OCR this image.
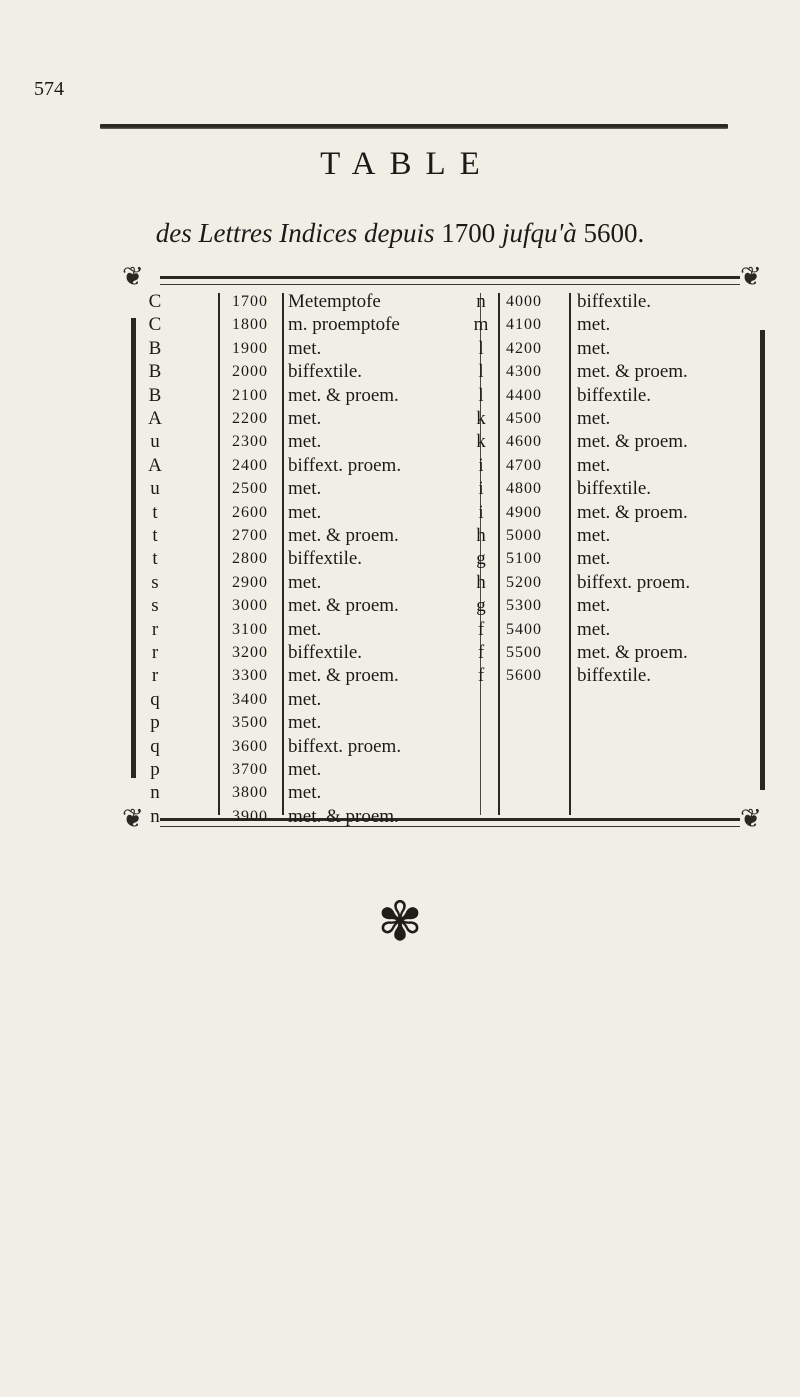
574
TABLE
des Lettres Indices depuis 1700 jufqu'à 5600.
❦	❦
❦	❦
C	1700 Metemptofe
C	1800 m. proemptofe
B	1900 met.
B	2000 biffextile.
B	2100 met. & proem.
A	2200 met.
u	2300 met.
A	2400 biffext. proem.
u	2500 met.
t	2600 met.
t	2700 met. & proem.
t	2800 biffextile.
s	2900 met.
s	3000 met. & proem.
r	3100 met.
r	3200 biffextile.
r	3300 met. & proem.
q	3400 met.
p	3500 met.
q	3600 biffext. proem.
p	3700 met.
n	3800 met.
n	3900 met. & proem.
n	4000 biffextile.
m	4100 met.
l	4200 met.
l	4300 met. & proem.
l	4400 biffextile.
k	4500 met.
k	4600 met. & proem.
i	4700 met.
i	4800 biffextile.
i	4900 met. & proem.
h	5000 met.
g	5100 met.
h	5200 biffext. proem.
g	5300 met.
f	5400 met.
f	5500 met. & proem.
f	5600 biffextile.
✾
